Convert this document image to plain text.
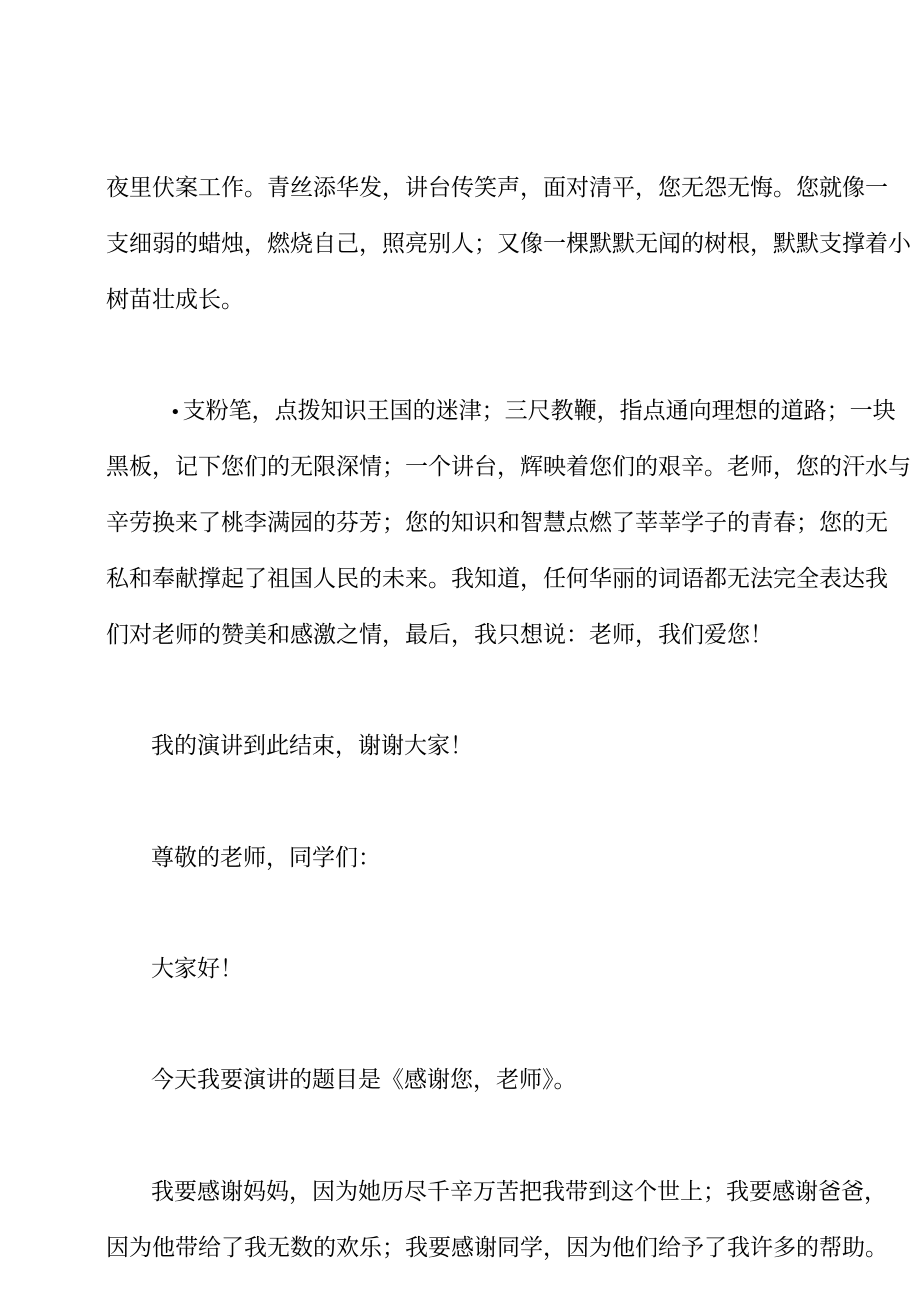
夜里伏案工作。青丝添华发，讲台传笑声，面对清平，您无怨无悔。您就像一
支细弱的蜡烛，燃烧自己，照亮别人；又像一棵默默无闻的树根，默默支撑着小
树苗壮成长。
•支粉笔，点拨知识王国的迷津；三尺教鞭，指点通向理想的道路；一块
黑板，记下您们的无限深情；一个讲台，辉映着您们的艰辛。老师，您的汗水与
辛劳换来了桃李满园的芬芳；您的知识和智慧点燃了莘莘学子的青春；您的无
私和奉献撑起了祖国人民的未来。我知道，任何华丽的词语都无法完全表达我
们对老师的赞美和感激之情，最后，我只想说：老师，我们爱您！
我的演讲到此结束，谢谢大家！
尊敬的老师，同学们：
大家好！
今天我要演讲的题目是《感谢您，老师》。
我要感谢妈妈，因为她历尽千辛万苦把我带到这个世上；我要感谢爸爸，
因为他带给了我无数的欢乐；我要感谢同学，因为他们给予了我许多的帮助。
